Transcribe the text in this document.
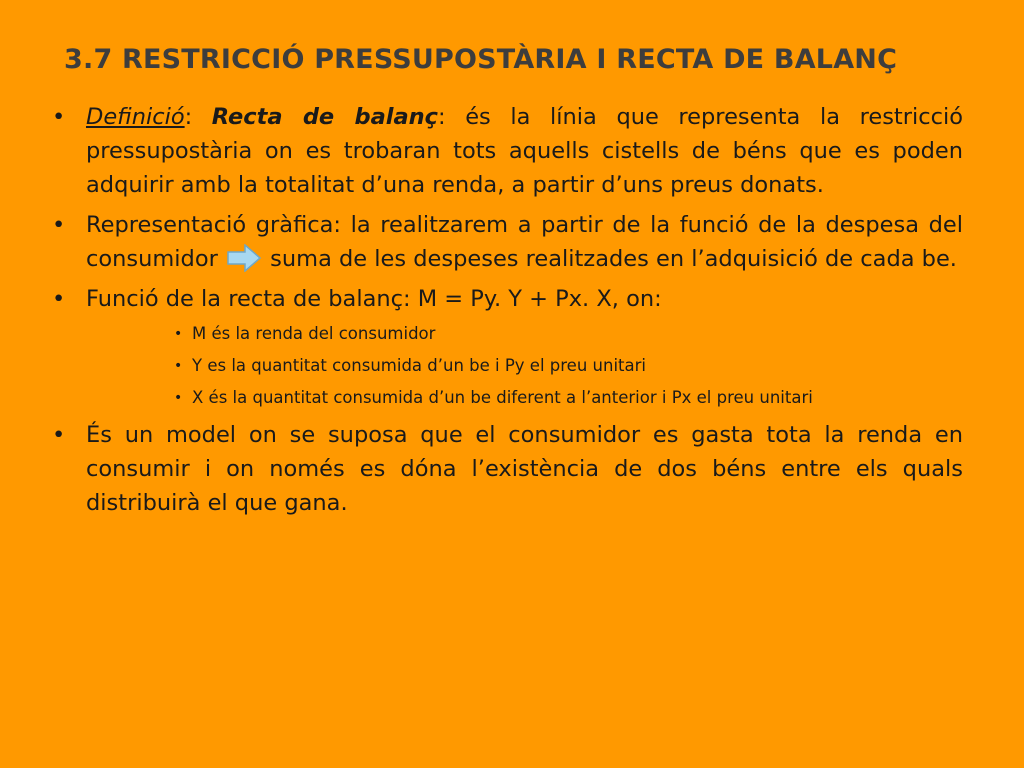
3.7 RESTRICCIÓ PRESSUPOSTÀRIA I RECTA DE BALANÇ
• Definició: Recta de balanç: és la línia que representa la restricció pressupostària on es trobaran tots aquells cistells de béns que es poden adquirir amb la totalitat d’una renda, a partir d’uns preus donats.
• Representació gràfica: la realitzarem a partir de la funció de la despesa del consumidor suma de les despeses realitzades en l’adquisició de cada be.
• Funció de la recta de balanç: M = Py. Y + Px. X, on:
• M és la renda del consumidor
• Y es la quantitat consumida d’un be i Py el preu unitari
• X és la quantitat consumida d’un be diferent a l’anterior i Px el preu unitari
• És un model on se suposa que el consumidor es gasta tota la renda en consumir i on només es dóna l’existència de dos béns entre els quals distribuirà el que gana.
